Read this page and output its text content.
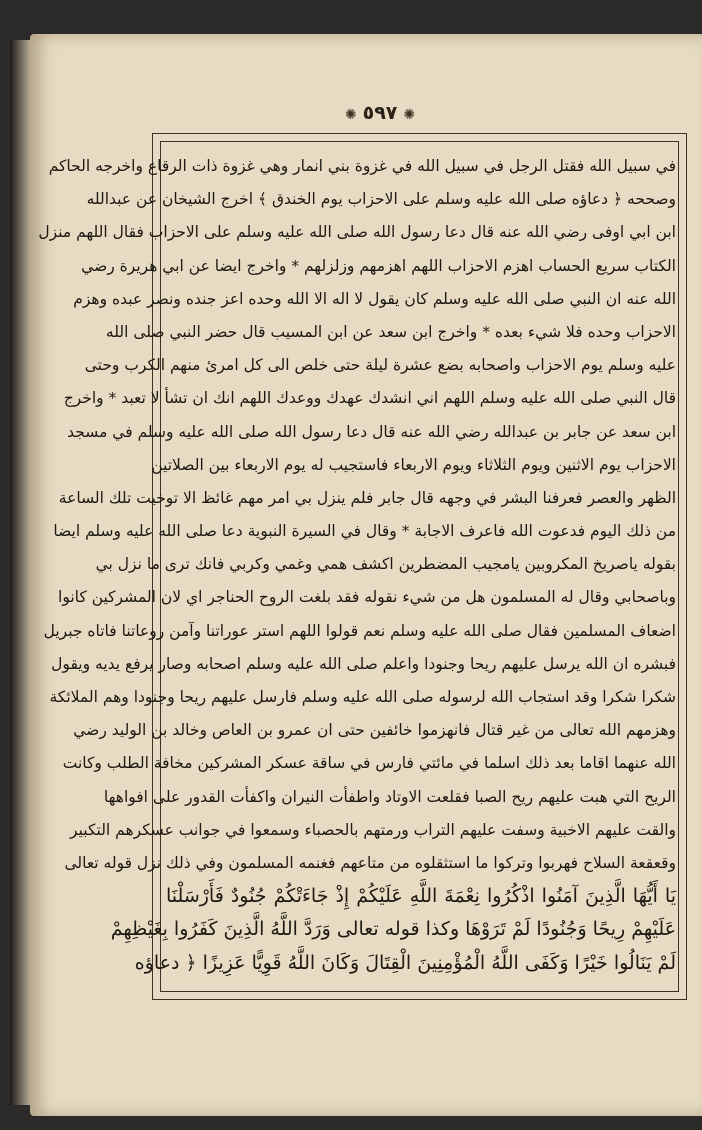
✺٥٩٧✺
في سبيل الله فقتل الرجل في سبيل الله في غزوة بني انمار وهي غزوة ذات الرقاع واخرجه الحاكم
وصححه ﴿ دعاؤه صلى الله عليه وسلم على الاحزاب يوم الخندق ﴾ اخرج الشيخان عن عبدالله
ابن ابي اوفى رضي الله عنه قال دعا رسول الله صلى الله عليه وسلم على الاحزاب فقال اللهم منزل
الكتاب سريع الحساب اهزم الاحزاب اللهم اهزمهم وزلزلهم * واخرج ايضا عن ابي هريرة رضي
الله عنه ان النبي صلى الله عليه وسلم كان يقول لا اله الا الله وحده اعز جنده ونصر عبده وهزم
الاحزاب وحده فلا شيء بعده * واخرج ابن سعد عن ابن المسيب قال حضر النبي صلى الله
عليه وسلم يوم الاحزاب واصحابه بضع عشرة ليلة حتى خلص الى كل امرئ منهم الكرب وحتى
قال النبي صلى الله عليه وسلم اللهم اني انشدك عهدك ووعدك اللهم انك ان تشأ لا تعبد * واخرج
ابن سعد عن جابر بن عبدالله رضي الله عنه قال دعا رسول الله صلى الله عليه وسلم في مسجد
الاحزاب يوم الاثنين ويوم الثلاثاء ويوم الاربعاء فاستجيب له يوم الاربعاء بين الصلاتين
الظهر والعصر فعرفنا البشر في وجهه قال جابر فلم ينزل بي امر مهم غائظ الا توخيت تلك الساعة
من ذلك اليوم فدعوت الله فاعرف الاجابة * وقال في السيرة النبوية دعا صلى الله عليه وسلم ايضا
بقوله ياصريخ المكروبين يامجيب المضطرين اكشف همي وغمي وكربي فانك ترى ما نزل بي
وباصحابي وقال له المسلمون هل من شيء نقوله فقد بلغت الروح الحناجر اي لان المشركين كانوا
اضعاف المسلمين فقال صلى الله عليه وسلم نعم قولوا اللهم استر عوراتنا وآمن روعاتنا فاتاه جبريل
فبشره ان الله يرسل عليهم ريحا وجنودا واعلم صلى الله عليه وسلم اصحابه وصار يرفع يديه ويقول
شكرا شكرا وقد استجاب الله لرسوله صلى الله عليه وسلم فارسل عليهم ريحا وجنودا وهم الملائكة
وهزمهم الله تعالى من غير قتال فانهزموا خائفين حتى ان عمرو بن العاص وخالد بن الوليد رضي
الله عنهما اقاما بعد ذلك اسلما في مائتي فارس في ساقة عسكر المشركين مخافة الطلب وكانت
الريح التي هبت عليهم ريح الصبا فقلعت الاوتاد واطفأت النيران واكفأت القدور على افواهها
والقت عليهم الاخبية وسفت عليهم التراب ورمتهم بالحصباء وسمعوا في جوانب عسكرهم التكبير
وقعقعة السلاح فهربوا وتركوا ما استثقلوه من متاعهم فغنمه المسلمون وفي ذلك نزل قوله تعالى
يَا أَيُّهَا الَّذِينَ آمَنُوا اذْكُرُوا نِعْمَةَ اللَّهِ عَلَيْكُمْ إِذْ جَاءَتْكُمْ جُنُودٌ فَأَرْسَلْنَا
عَلَيْهِمْ رِيحًا وَجُنُودًا لَمْ تَرَوْهَا وكذا قوله تعالى وَرَدَّ اللَّهُ الَّذِينَ كَفَرُوا بِغَيْظِهِمْ
لَمْ يَنَالُوا خَيْرًا وَكَفَى اللَّهُ الْمُؤْمِنِينَ الْقِتَالَ وَكَانَ اللَّهُ قَوِيًّا عَزِيزًا ﴿ دعاؤه
